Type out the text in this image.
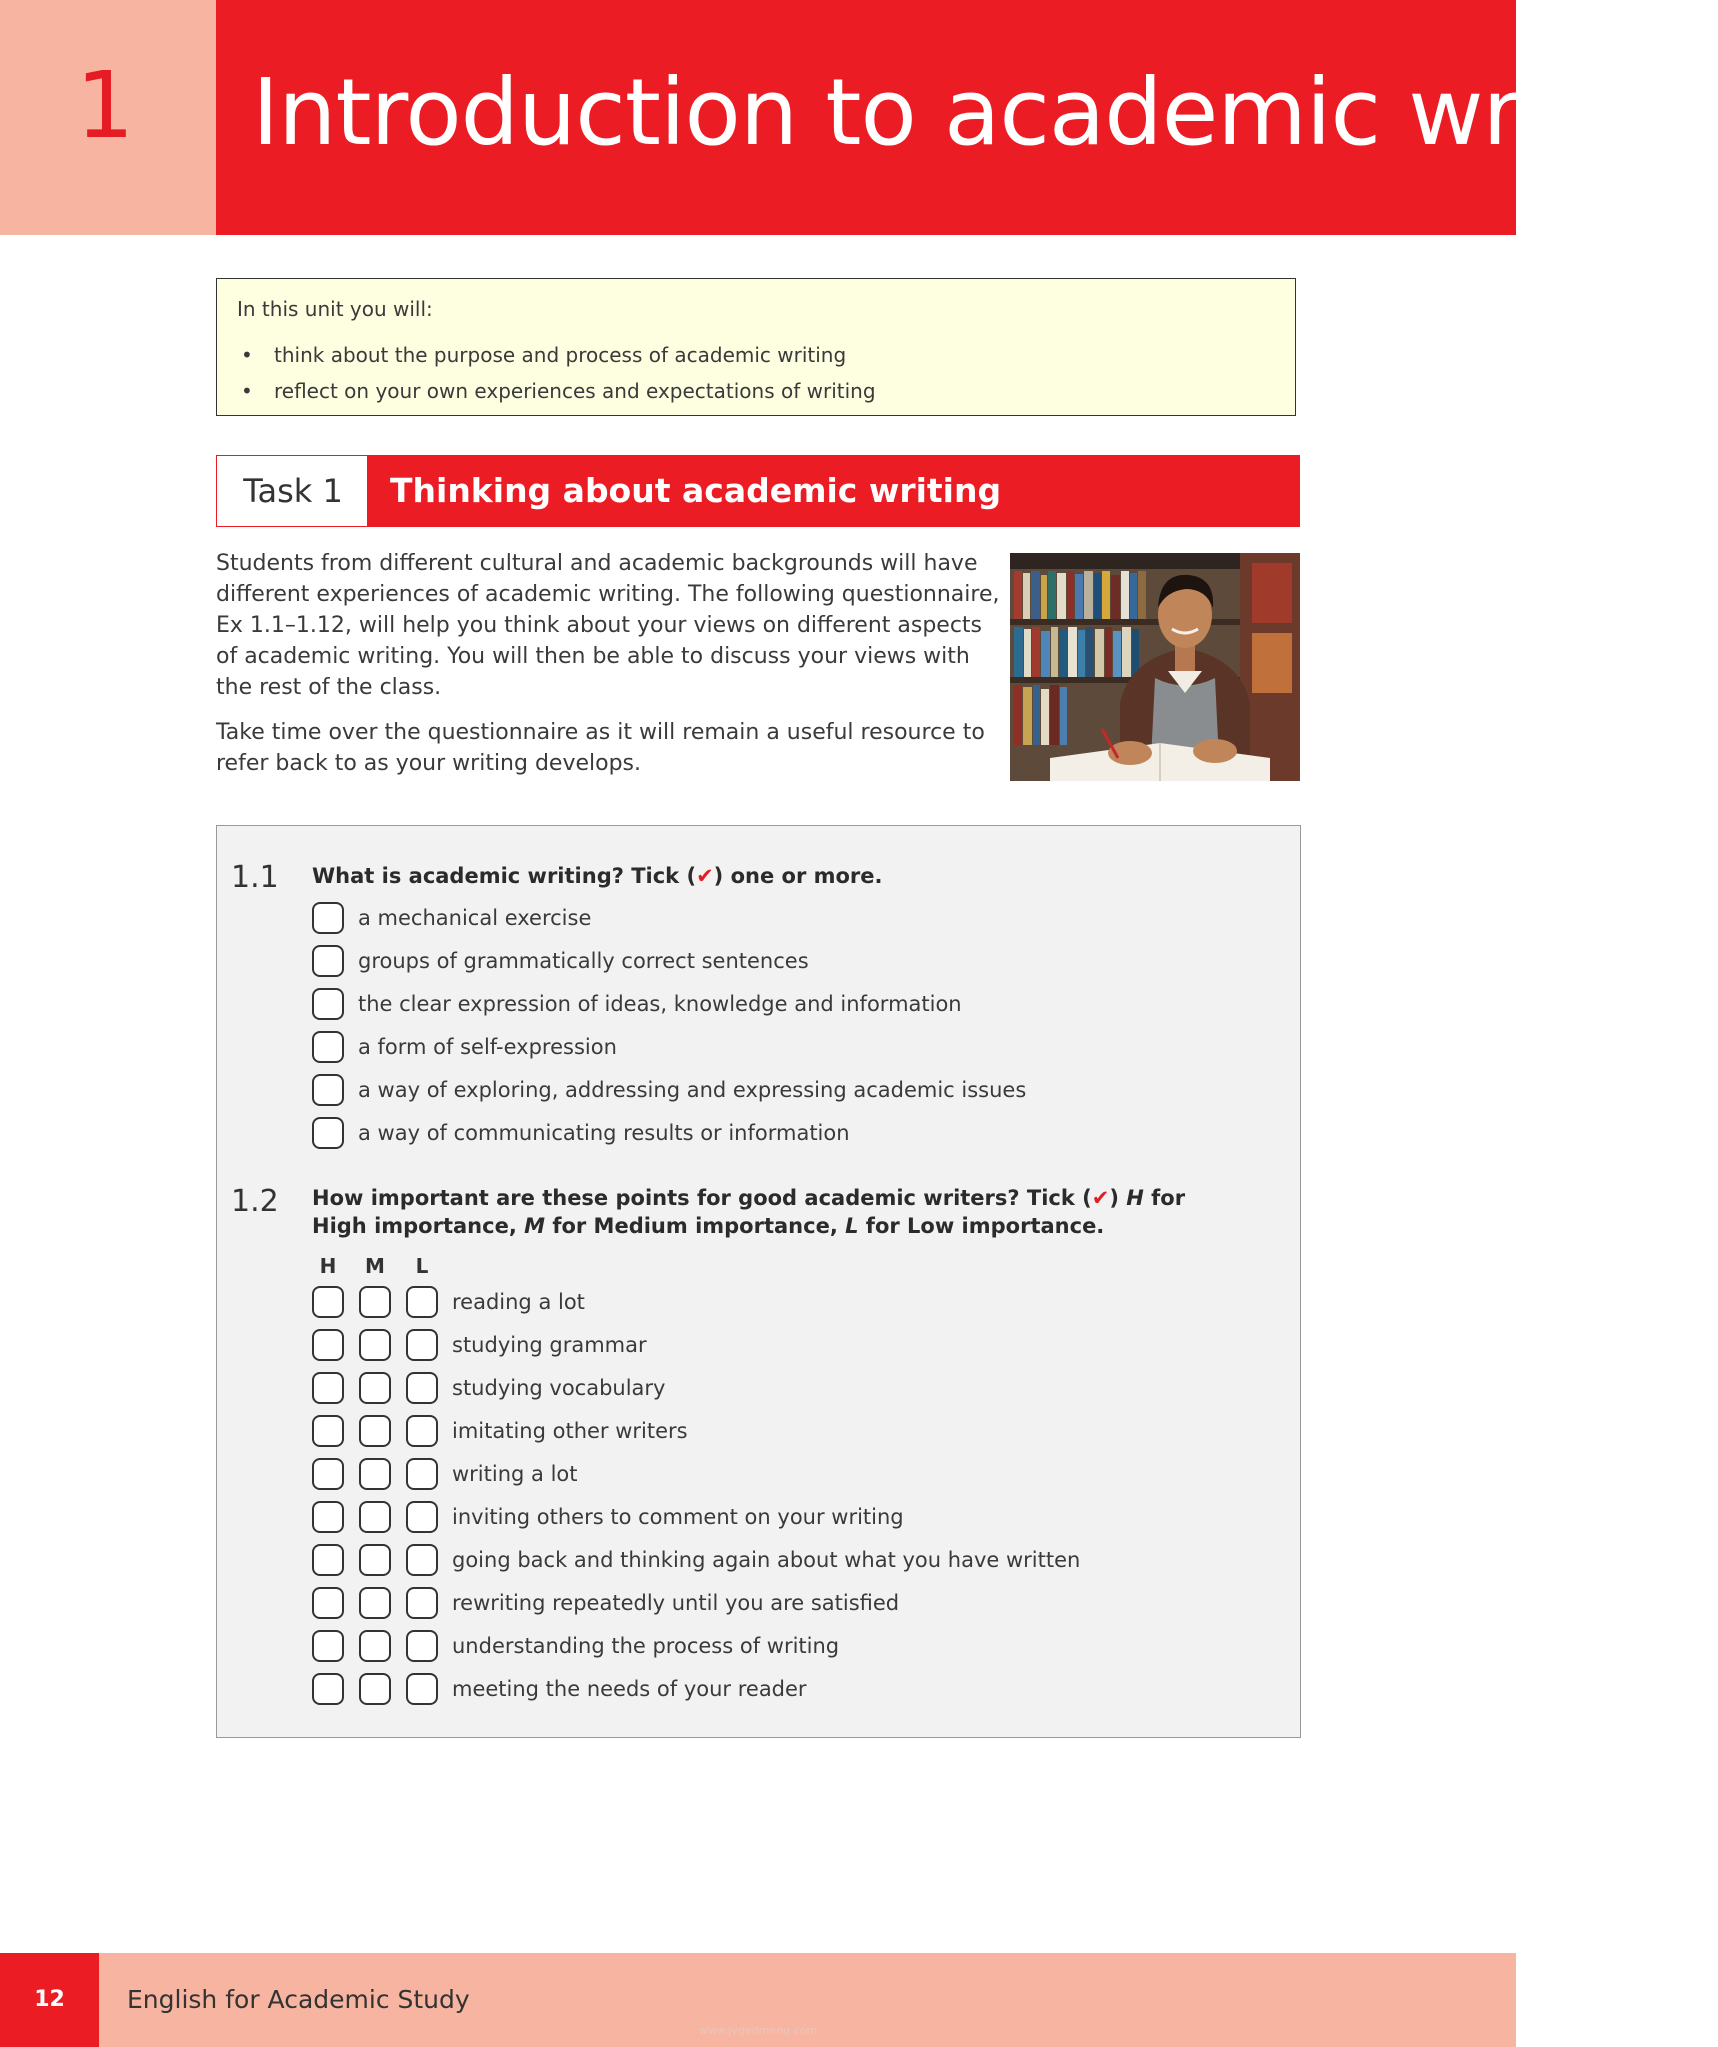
1	Introduction to academic writing
In this unit you will:
• think about the purpose and process of academic writing
• reflect on your own experiences and expectations of writing
Task 1	Thinking about academic writing

Students from different cultural and academic backgrounds will have different experiences of academic writing. The following questionnaire, Ex 1.1–1.12, will help you think about your views on different aspects of academic writing. You will then be able to discuss your views with the rest of the class.

Take time over the questionnaire as it will remain a useful resource to refer back to as your writing develops.

1.1 What is academic writing? Tick (✔) one or more.
a mechanical exercise
groups of grammatically correct sentences
the clear expression of ideas, knowledge and information
a form of self-expression
a way of exploring, addressing and expressing academic issues
a way of communicating results or information
1.2 How important are these points for good academic writers? Tick (✔) H for High importance, M for Medium importance, L for Low importance.
H	M	L
reading a lot
studying grammar
studying vocabulary
imitating other writers
writing a lot
inviting others to comment on your writing
going back and thinking again about what you have written
rewriting repeatedly until you are satisfied
understanding the process of writing
meeting the needs of your reader
12	English for Academic Study
www.jygedmeng.com
